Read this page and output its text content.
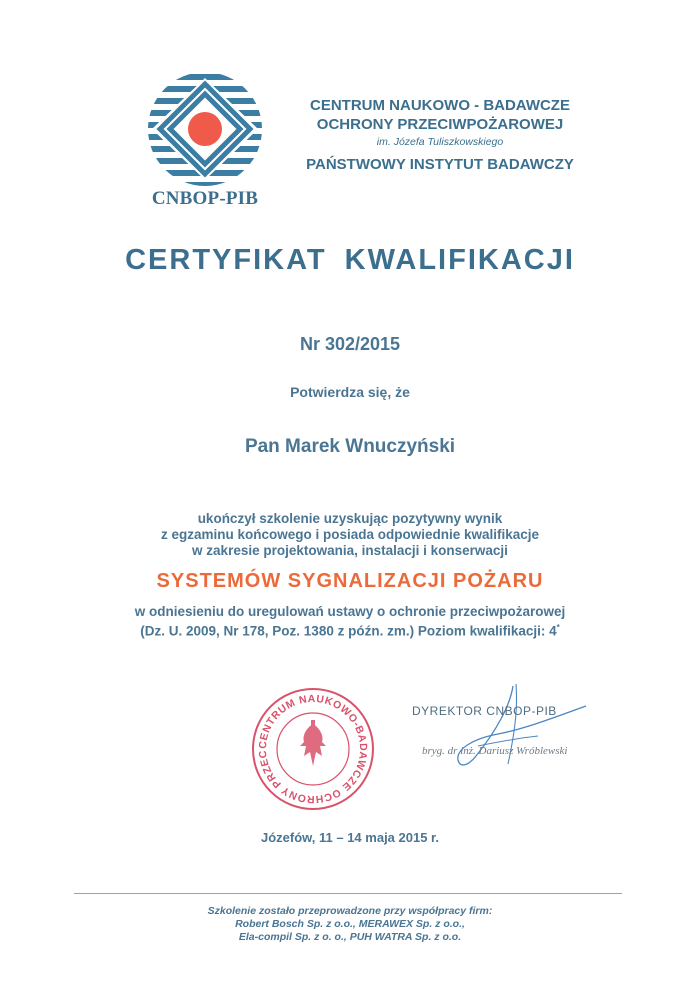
CNBOP-PIB
CENTRUM NAUKOWO - BADAWCZE
OCHRONY PRZECIWPOŻAROWEJ
im. Józefa Tuliszkowskiego
PAŃSTWOWY INSTYTUT BADAWCZY
CERTYFIKAT KWALIFIKACJI
Nr 302/2015
Potwierdza się, że
Pan Marek Wnuczyński
ukończył szkolenie uzyskując pozytywny wynik
z egzaminu końcowego i posiada odpowiednie kwalifikacje
w zakresie projektowania, instalacji i konserwacji
SYSTEMÓW SYGNALIZACJI POŻARU
w odniesieniu do uregulowań ustawy o ochronie przeciwpożarowej
(Dz. U. 2009, Nr 178, Poz. 1380 z późn. zm.) Poziom kwalifikacji: 4*
CENTRUM NAUKOWO-BADAWCZE OCHRONY PRZEC
DYREKTOR CNBOP-PIB
bryg. dr inż. Dariusz Wróblewski
Józefów, 11 – 14 maja 2015 r.
Szkolenie zostało przeprowadzone przy współpracy firm:
Robert Bosch Sp. z o.o., MERAWEX Sp. z o.o.,
Ela-compil Sp. z o. o., PUH WATRA Sp. z o.o.
